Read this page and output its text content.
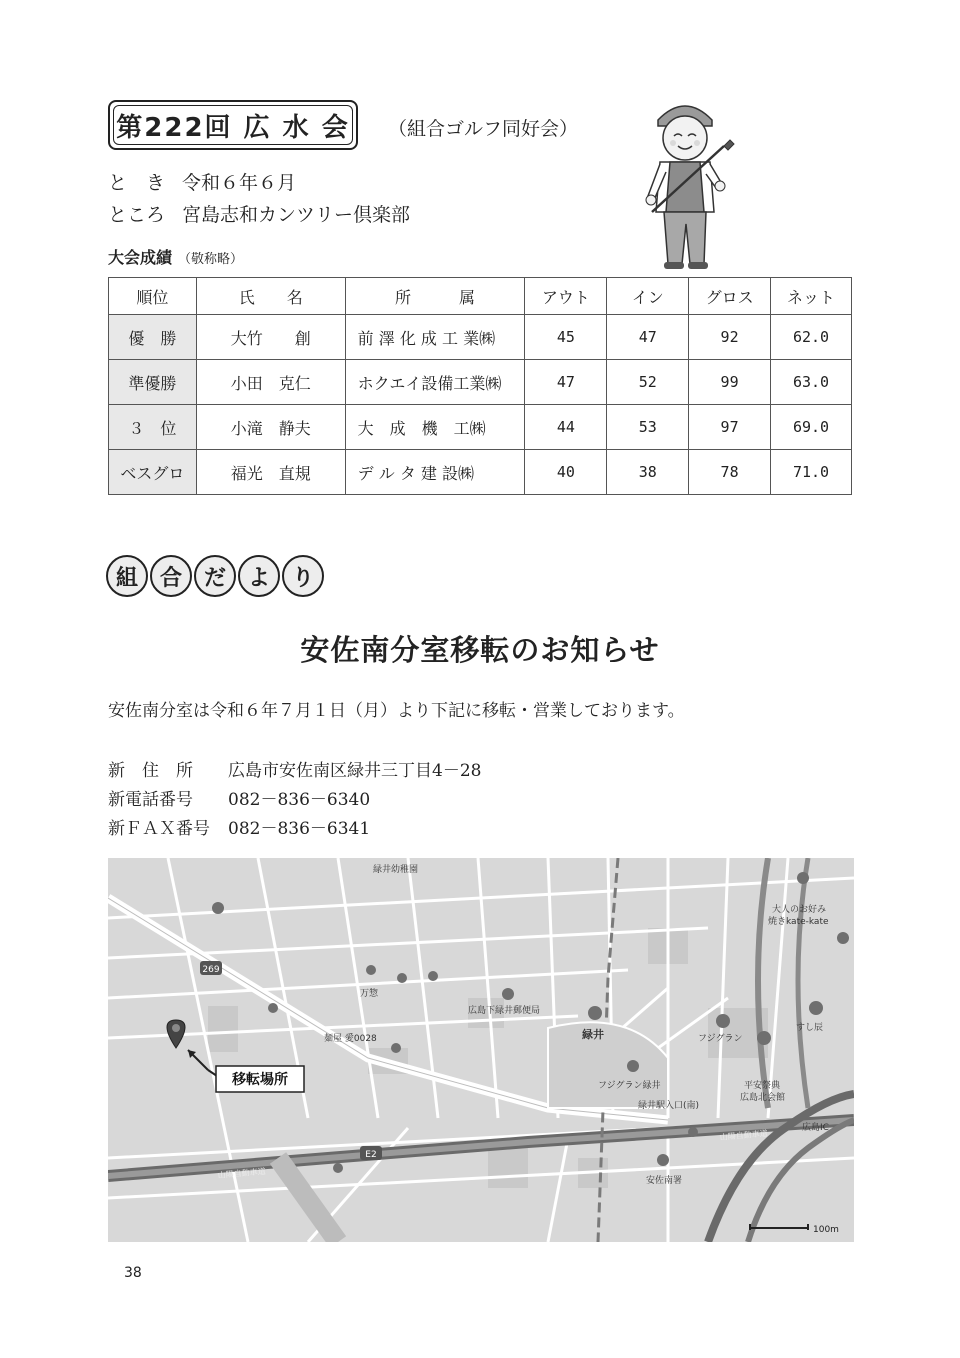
第222回 広 水 会 （組合ゴルフ同好会）
と　き 令和６年６月
ところ 宮島志和カンツリー倶楽部
大会成績 （敬称略）
順位	氏　　名	所　　　属	アウト	イン	グロス	ネット
優　勝	大竹　　創	前 澤 化 成 工 業㈱	45	47	92	62.0
準優勝	小田　克仁	ホクエイ設備工業㈱	47	52	99	63.0
３　位	小滝　静夫	大　成　機　工㈱	44	53	97	69.0
ベスグロ	福光　直規	デ ル タ 建 設㈱	40	38	78	71.0
組 合 だ よ り
安佐南分室移転のお知らせ
安佐南分室は令和６年７月１日（月）より下記に移転・営業しております。
新　住　所 広島市安佐南区緑井三丁目4－28
新電話番号 082－836－6340
新ＦＡＸ番号 082－836－6341
269
E2
緑井幼稚園
万惣
広島下緑井郵便局
麺屋 愛0028	緑井	フジグラン
フジグラン緑井
緑井駅入口(南)
すし辰
平安祭典
広島北会館
大人のお好み
焼きkate-kate
安佐南署
広島IC
山陽自動車道
山陽自動車道
移転場所
100m
38
